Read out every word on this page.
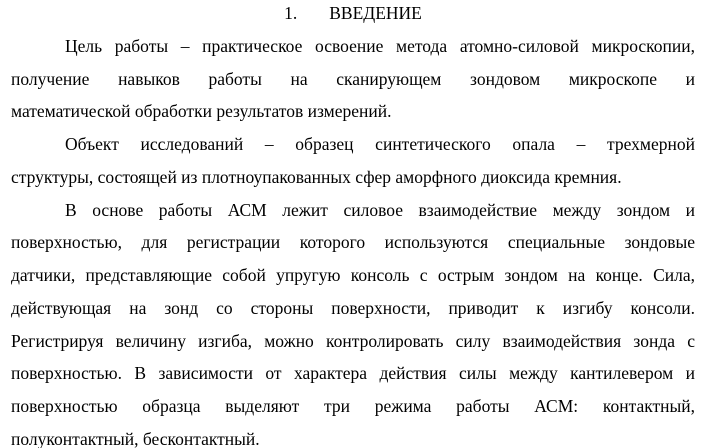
1. ВВЕДЕНИЕ
Цель работы – практическое освоение метода атомно-силовой микроскопии,
получение навыков работы на сканирующем зондовом микроскопе и
математической обработки результатов измерений.
Объект исследований – образец синтетического опала – трехмерной
структуры, состоящей из плотноупакованных сфер аморфного диоксида кремния.
В основе работы АСМ лежит силовое взаимодействие между зондом и
поверхностью, для регистрации которого используются специальные зондовые
датчики, представляющие собой упругую консоль с острым зондом на конце. Сила,
действующая на зонд со стороны поверхности, приводит к изгибу консоли.
Регистрируя величину изгиба, можно контролировать силу взаимодействия зонда с
поверхностью. В зависимости от характера действия силы между кантилевером и
поверхностью образца выделяют три режима работы АСМ: контактный,
полуконтактный, бесконтактный.
